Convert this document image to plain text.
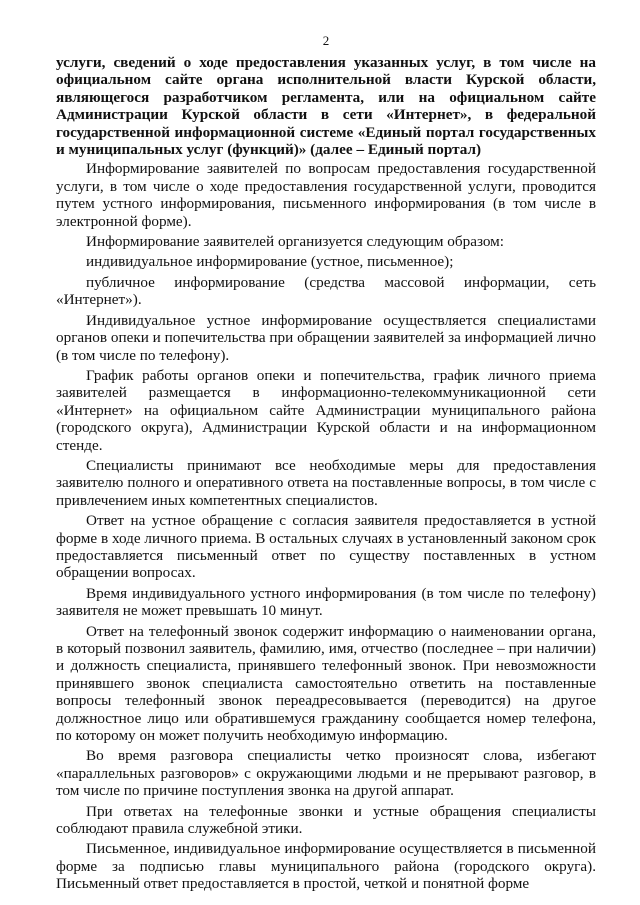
2

услуги, сведений о ходе предоставления указанных услуг, в том числе на официальном сайте органа исполнительной власти Курской области, являющегося разработчиком регламента, или на официальном сайте Администрации Курской области в сети «Интернет», в федеральной государственной информационной системе «Единый портал государственных и муниципальных услуг (функций)» (далее – Единый портал)

Информирование заявителей по вопросам предоставления государственной услуги, в том числе о ходе предоставления государственной услуги, проводится путем устного информирования, письменного информирования (в том числе в электронной форме).

Информирование заявителей организуется следующим образом:

индивидуальное информирование (устное, письменное);

публичное информирование (средства массовой информации, сеть «Интернет»).

Индивидуальное устное информирование осуществляется специалистами органов опеки и попечительства при обращении заявителей за информацией лично (в том числе по телефону).

График работы органов опеки и попечительства, график личного приема заявителей размещается в информационно-телекоммуникационной сети «Интернет» на официальном сайте Администрации муниципального района (городского округа), Администрации Курской области и на информационном стенде.

Специалисты принимают все необходимые меры для предоставления заявителю полного и оперативного ответа на поставленные вопросы, в том числе с привлечением иных компетентных специалистов.

Ответ на устное обращение с согласия заявителя предоставляется в устной форме в ходе личного приема. В остальных случаях в установленный законом срок предоставляется письменный ответ по существу поставленных в устном обращении вопросах.

Время индивидуального устного информирования (в том числе по телефону) заявителя не может превышать 10 минут.

Ответ на телефонный звонок содержит информацию о наименовании органа, в который позвонил заявитель, фамилию, имя, отчество (последнее – при наличии) и должность специалиста, принявшего телефонный звонок. При невозможности принявшего звонок специалиста самостоятельно ответить на поставленные вопросы телефонный звонок переадресовывается (переводится) на другое должностное лицо или обратившемуся гражданину сообщается номер телефона, по которому он может получить необходимую информацию.

Во время разговора специалисты четко произносят слова, избегают «параллельных разговоров» с окружающими людьми и не прерывают разговор, в том числе по причине поступления звонка на другой аппарат.

При ответах на телефонные звонки и устные обращения специалисты соблюдают правила служебной этики.

Письменное, индивидуальное информирование осуществляется в письменной форме за подписью главы муниципального района (городского округа). Письменный ответ предоставляется в простой, четкой и понятной форме
